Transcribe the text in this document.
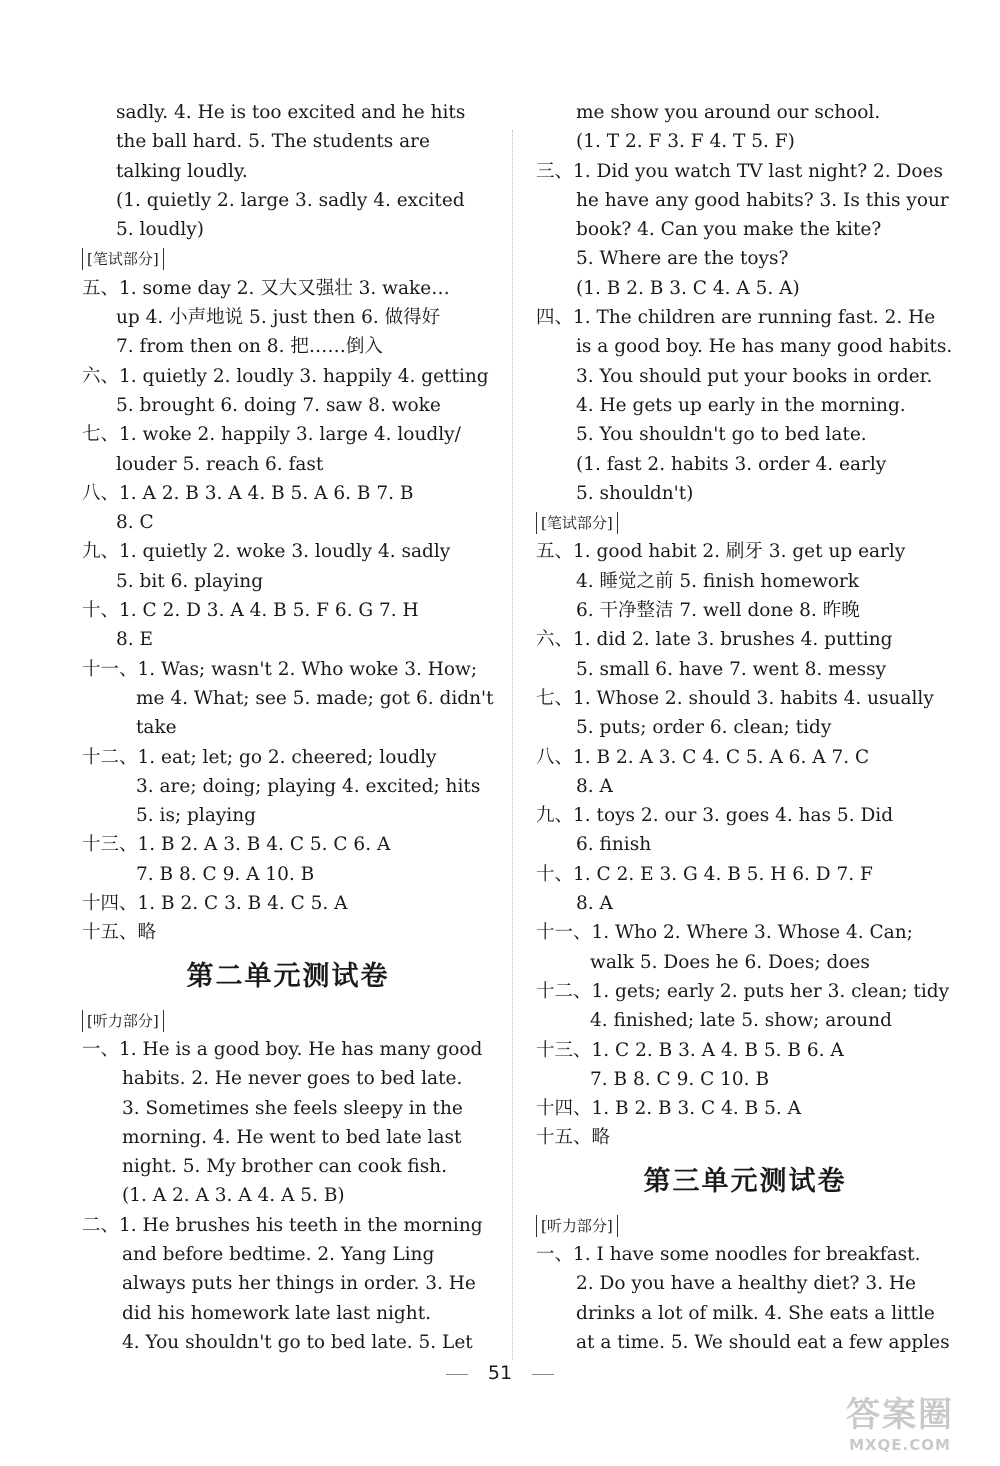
sadly. 4. He is too excited and he hits
the ball hard. 5. The students are
talking loudly.
(1. quietly 2. large 3. sadly 4. excited
5. loudly)
[笔试部分]
五、1. some day 2. 又大又强壮 3. wake…
up 4. 小声地说 5. just then 6. 做得好
7. from then on 8. 把……倒入
六、1. quietly 2. loudly 3. happily 4. getting
5. brought 6. doing 7. saw 8. woke
七、1. woke 2. happily 3. large 4. loudly/
louder 5. reach 6. fast
八、1. A 2. B 3. A 4. B 5. A 6. B 7. B
8. C
九、1. quietly 2. woke 3. loudly 4. sadly
5. bit 6. playing
十、1. C 2. D 3. A 4. B 5. F 6. G 7. H
8. E
十一、1. Was; wasn't 2. Who woke 3. How;
me 4. What; see 5. made; got 6. didn't
take
十二、1. eat; let; go 2. cheered; loudly
3. are; doing; playing 4. excited; hits
5. is; playing
十三、1. B 2. A 3. B 4. C 5. C 6. A
7. B 8. C 9. A 10. B
十四、1. B 2. C 3. B 4. C 5. A
十五、略
第二单元测试卷
[听力部分]
一、1. He is a good boy. He has many good
habits. 2. He never goes to bed late.
3. Sometimes she feels sleepy in the
morning. 4. He went to bed late last
night. 5. My brother can cook fish.
(1. A 2. A 3. A 4. A 5. B)
二、1. He brushes his teeth in the morning
and before bedtime. 2. Yang Ling
always puts her things in order. 3. He
did his homework late last night.
4. You shouldn't go to bed late. 5. Let
me show you around our school.
(1. T 2. F 3. F 4. T 5. F)
三、1. Did you watch TV last night? 2. Does
he have any good habits? 3. Is this your
book? 4. Can you make the kite?
5. Where are the toys?
(1. B 2. B 3. C 4. A 5. A)
四、1. The children are running fast. 2. He
is a good boy. He has many good habits.
3. You should put your books in order.
4. He gets up early in the morning.
5. You shouldn't go to bed late.
(1. fast 2. habits 3. order 4. early
5. shouldn't)
[笔试部分]
五、1. good habit 2. 刷牙 3. get up early
4. 睡觉之前 5. finish homework
6. 干净整洁 7. well done 8. 昨晚
六、1. did 2. late 3. brushes 4. putting
5. small 6. have 7. went 8. messy
七、1. Whose 2. should 3. habits 4. usually
5. puts; order 6. clean; tidy
八、1. B 2. A 3. C 4. C 5. A 6. A 7. C
8. A
九、1. toys 2. our 3. goes 4. has 5. Did
6. finish
十、1. C 2. E 3. G 4. B 5. H 6. D 7. F
8. A
十一、1. Who 2. Where 3. Whose 4. Can;
walk 5. Does he 6. Does; does
十二、1. gets; early 2. puts her 3. clean; tidy
4. finished; late 5. show; around
十三、1. C 2. B 3. A 4. B 5. B 6. A
7. B 8. C 9. C 10. B
十四、1. B 2. B 3. C 4. B 5. A
十五、略
第三单元测试卷
[听力部分]
一、1. I have some noodles for breakfast.
2. Do you have a healthy diet? 3. He
drinks a lot of milk. 4. She eats a little
at a time. 5. We should eat a few apples
51
答案圈
MXQE.COM
